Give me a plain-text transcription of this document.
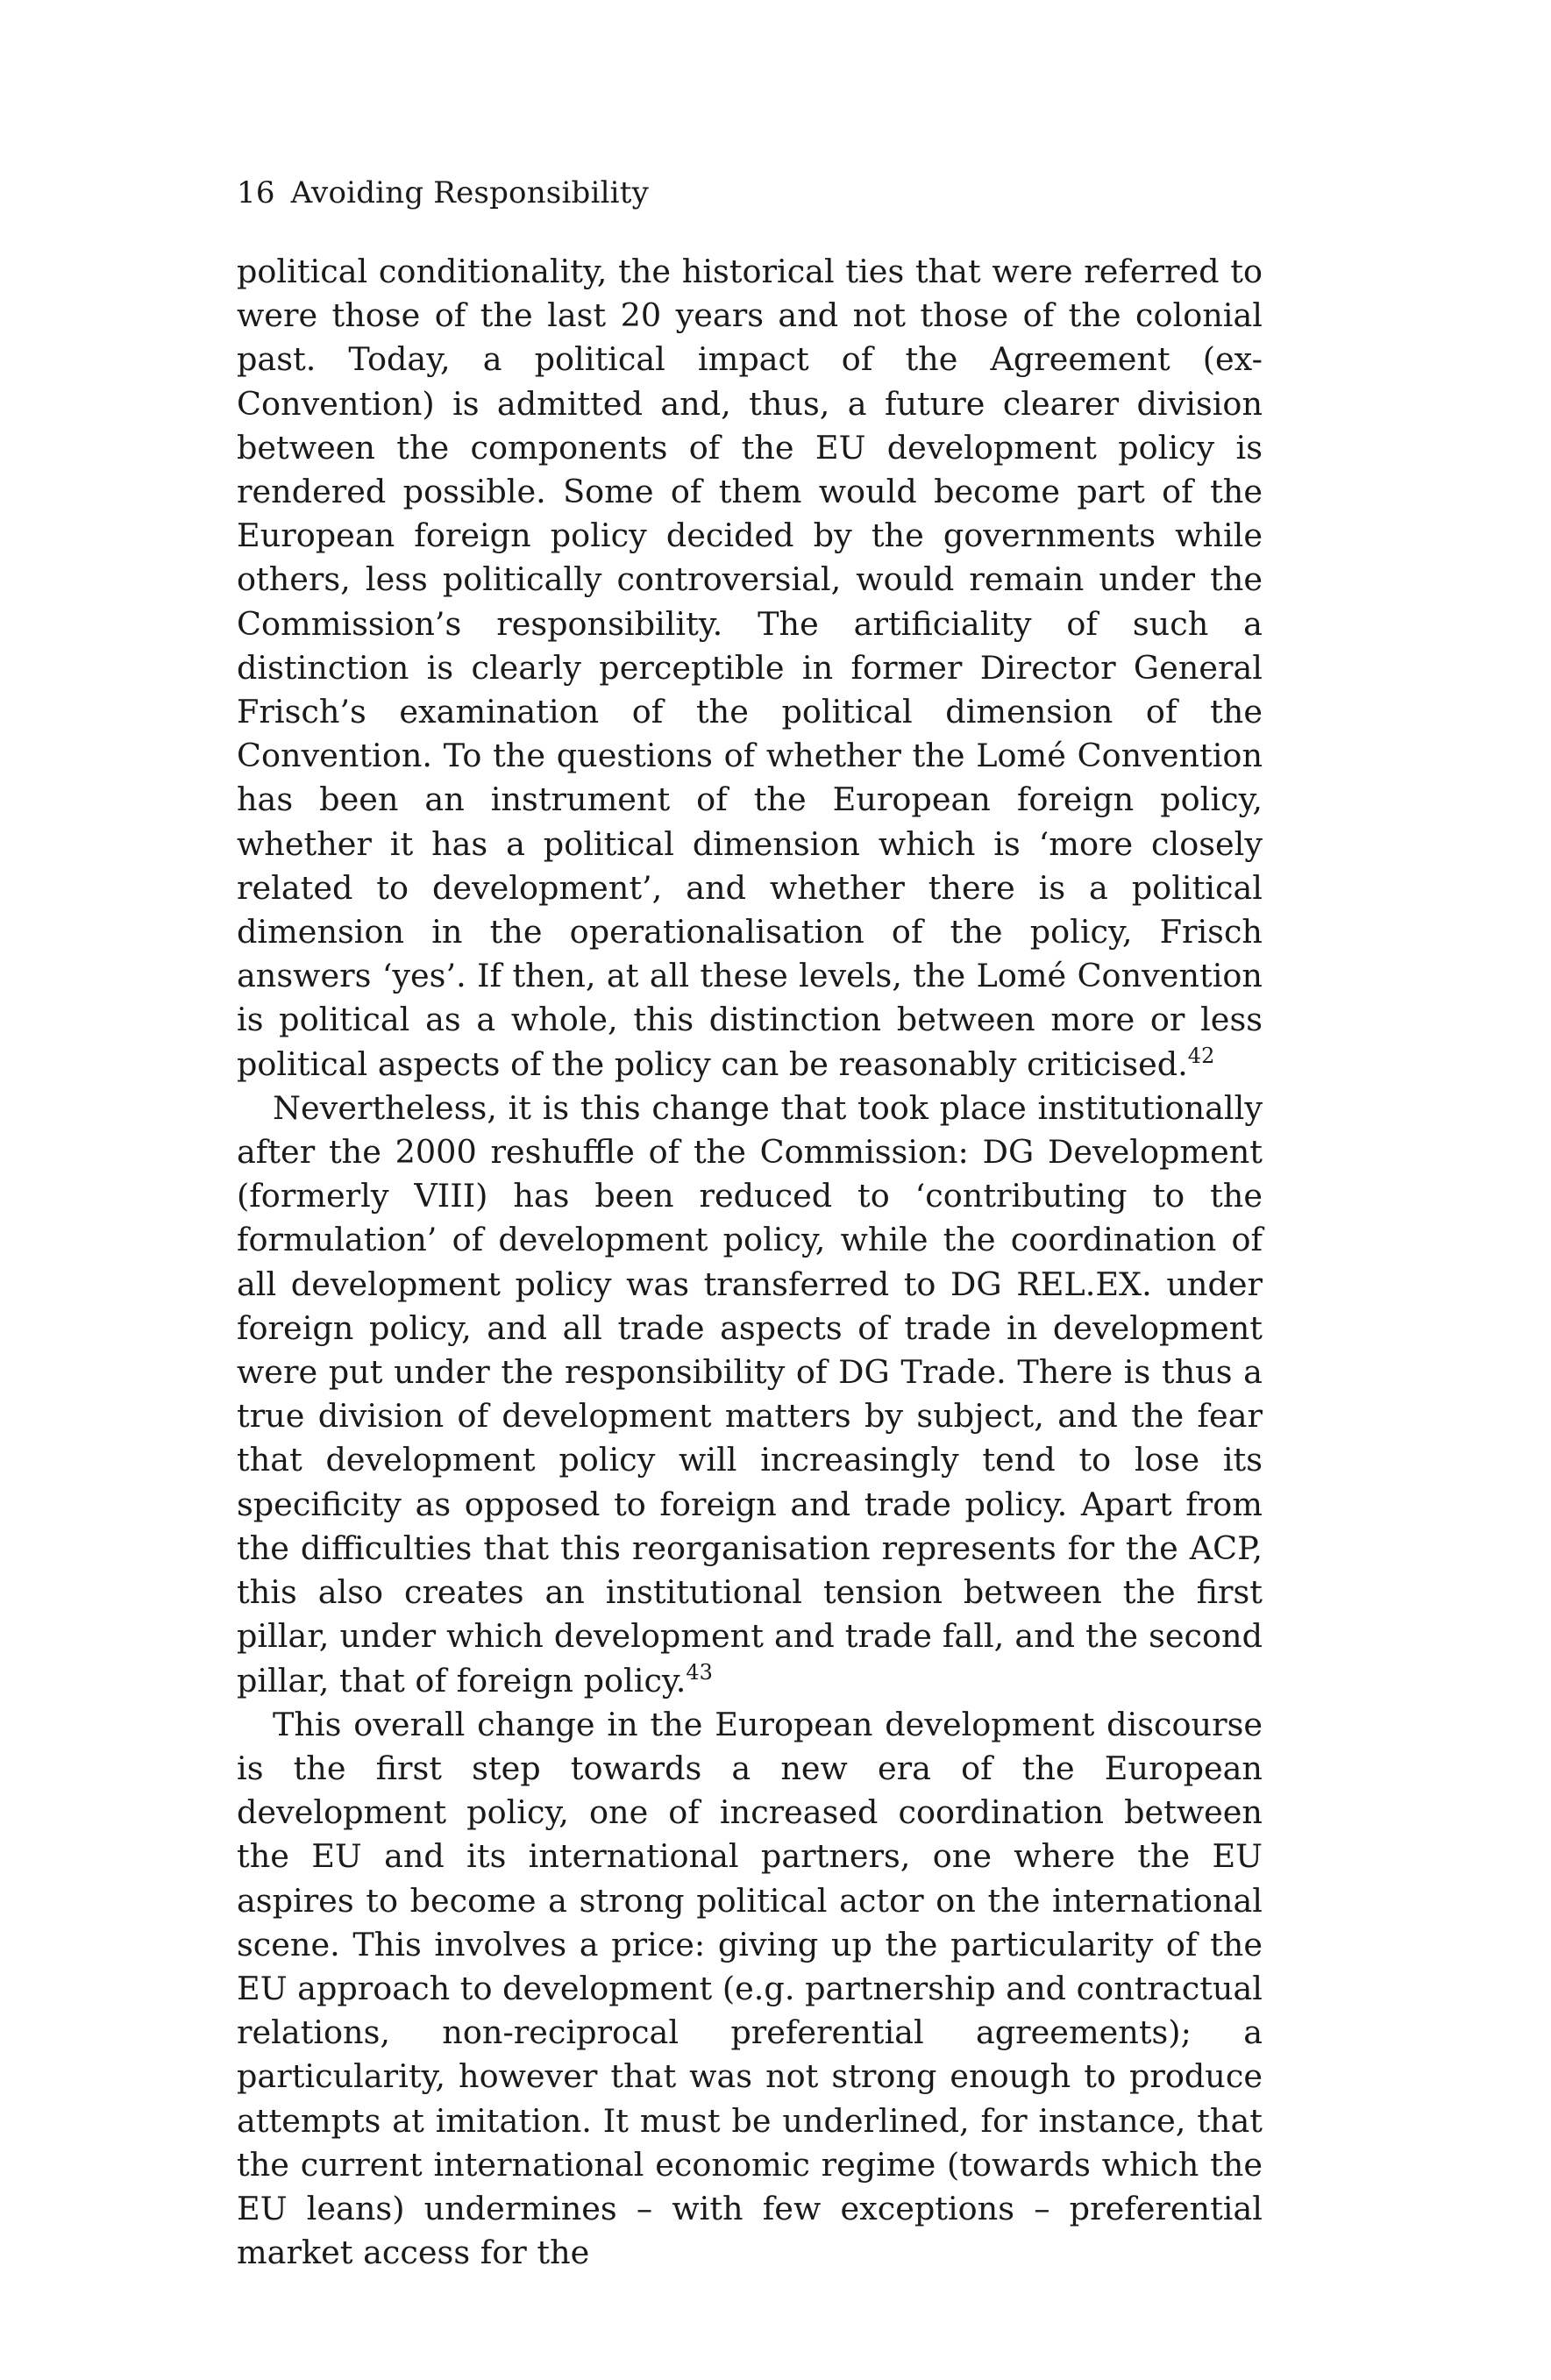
16 Avoiding Responsibility

political conditionality, the historical ties that were referred to were those of the last 20 years and not those of the colonial past. Today, a political impact of the Agreement (ex-Convention) is admitted and, thus, a future clearer division between the components of the EU development policy is rendered possible. Some of them would become part of the European foreign policy decided by the governments while others, less politically controversial, would remain under the Commission’s responsibility. The artificiality of such a distinction is clearly perceptible in former Director General Frisch’s examination of the political dimension of the Convention. To the questions of whether the Lomé Convention has been an instrument of the European foreign policy, whether it has a political dimension which is ‘more closely related to development’, and whether there is a political dimension in the operationalisation of the policy, Frisch answers ‘yes’. If then, at all these levels, the Lomé Convention is political as a whole, this distinction between more or less political aspects of the policy can be reasonably criticised.$^{42}$

Nevertheless, it is this change that took place institutionally after the 2000 reshuffle of the Commission: DG Development (formerly VIII) has been reduced to ‘contributing to the formulation’ of development policy, while the coordination of all development policy was transferred to DG REL.EX. under foreign policy, and all trade aspects of trade in development were put under the responsibility of DG Trade. There is thus a true division of development matters by subject, and the fear that development policy will increasingly tend to lose its specificity as opposed to foreign and trade policy. Apart from the difficulties that this reorganisation represents for the ACP, this also creates an institutional tension between the first pillar, under which development and trade fall, and the second pillar, that of foreign policy.$^{43}$

This overall change in the European development discourse is the first step towards a new era of the European development policy, one of increased coordination between the EU and its international partners, one where the EU aspires to become a strong political actor on the international scene. This involves a price: giving up the particularity of the EU approach to development (e.g. partnership and contractual relations, non-reciprocal preferential agreements); a particularity, however that was not strong enough to produce attempts at imitation. It must be underlined, for instance, that the current international economic regime (towards which the EU leans) undermines – with few exceptions – preferential market access for the
